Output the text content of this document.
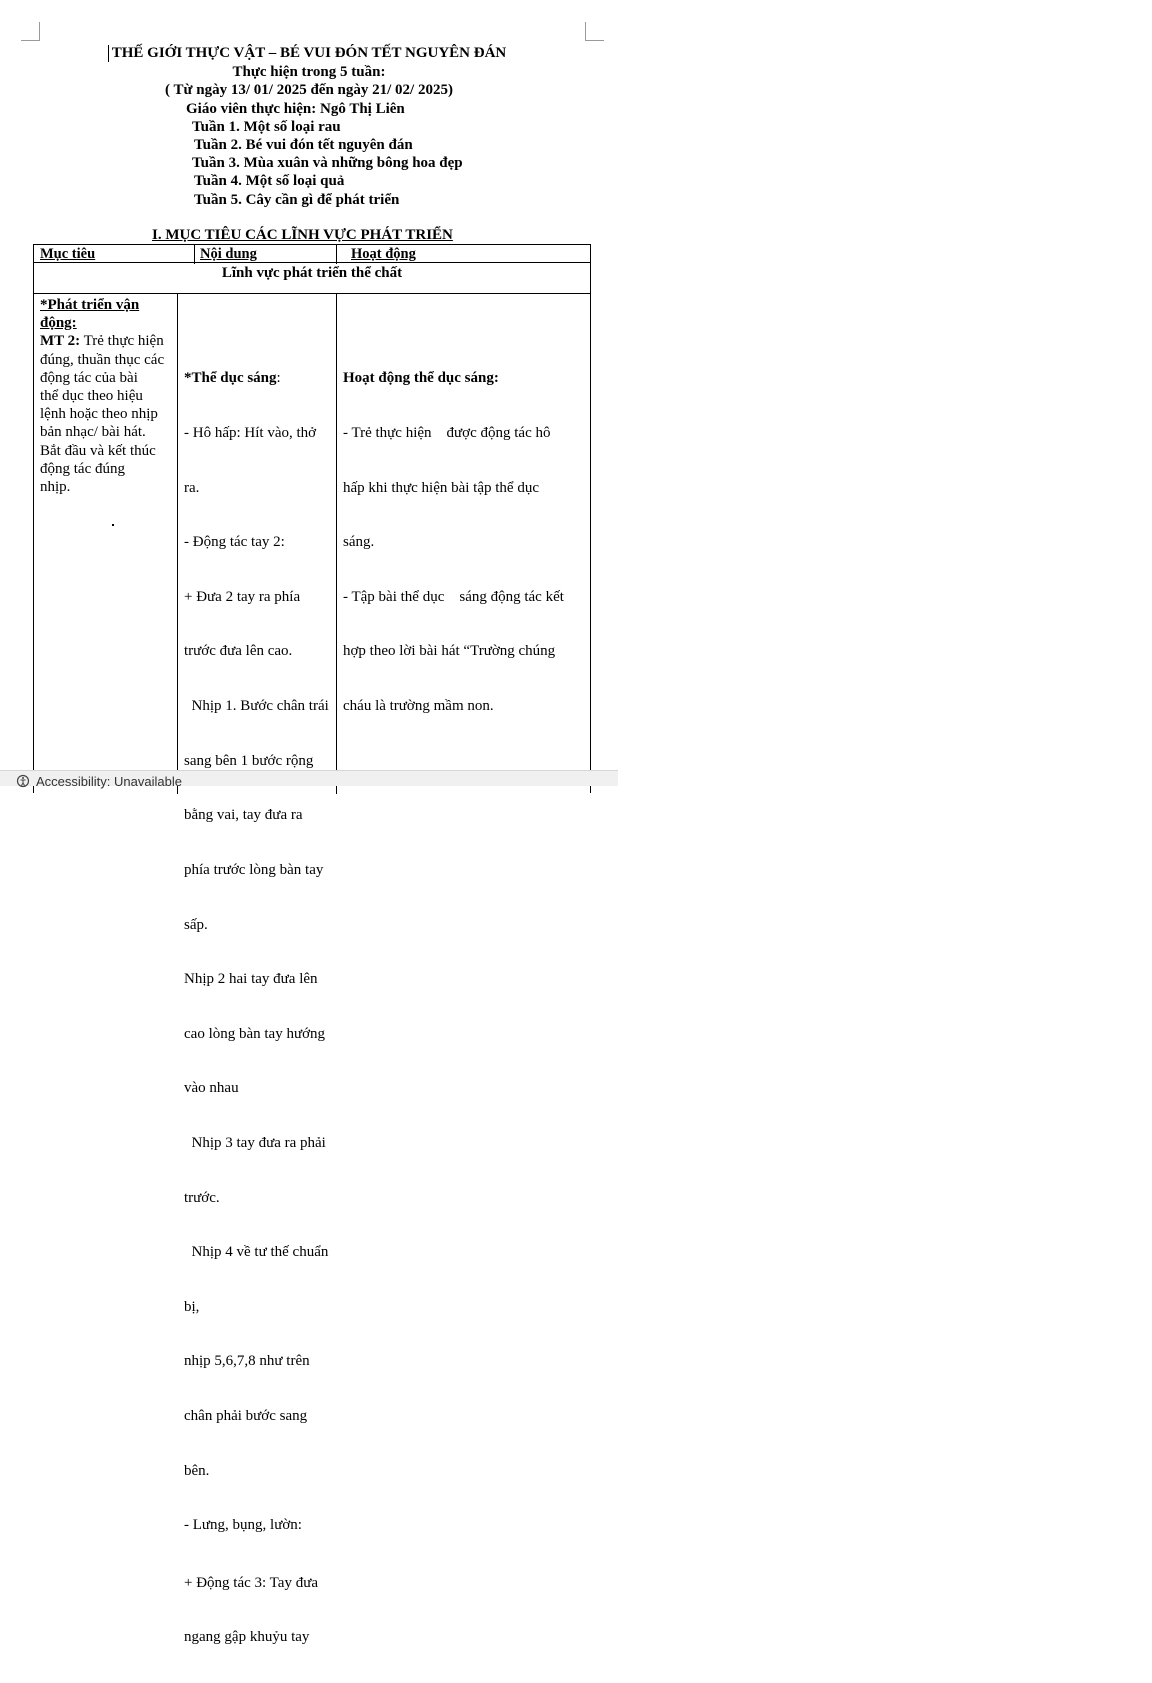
THẾ GIỚI THỰC VẬT – BÉ VUI ĐÓN TẾT NGUYÊN ĐÁN
Thực hiện trong 5 tuần:
( Từ ngày 13/ 01/ 2025 đến ngày 21/ 02/ 2025)
Giáo viên thực hiện: Ngô Thị Liên
Tuần 1. Một số loại rau
Tuần 2. Bé vui đón tết nguyên đán
Tuần 3. Mùa xuân và những bông hoa đẹp
Tuần 4. Một số loại quả
Tuần 5. Cây cần gì để phát triển
I. MỤC TIÊU CÁC LĨNH VỰC PHÁT TRIỂN
Mục tiêu	Nội dung	Hoạt động
Lĩnh vực phát triển thể chất

*Phát triển vận động:

MT 2: Trẻ thực hiện

đúng, thuần thục các

động tác của bài

thể dục theo hiệu

lệnh hoặc theo nhịp

bản nhạc/ bài hát.

Bắt đầu và kết thúc

động tác đúng

nhịp.

*Thể dục sáng:

- Hô hấp: Hít vào, thở

ra.

- Động tác tay 2:

+ Đưa 2 tay ra phía

trước đưa lên cao.

Nhịp 1. Bước chân trái

sang bên 1 bước rộng

bằng vai, tay đưa ra

phía trước lòng bàn tay

sấp.

Nhịp 2 hai tay đưa lên

cao lòng bàn tay hướng

vào nhau

Nhịp 3 tay đưa ra phải

trước.

Nhịp 4 về tư thế chuẩn

bị,

nhịp 5,6,7,8 như trên

chân phải bước sang

bên.

- Lưng, bụng, lườn:

+ Động tác 3: Tay đưa

ngang gập khuỷu tay

Hoạt động thể dục sáng:

- Trẻ thực hiện    được động tác hô

hấp khi thực hiện bài tập thể dục

sáng.

- Tập bài thể dục    sáng động tác kết

hợp theo lời bài hát “Trường chúng

cháu là trường mầm non.

Accessibility: Unavailable
